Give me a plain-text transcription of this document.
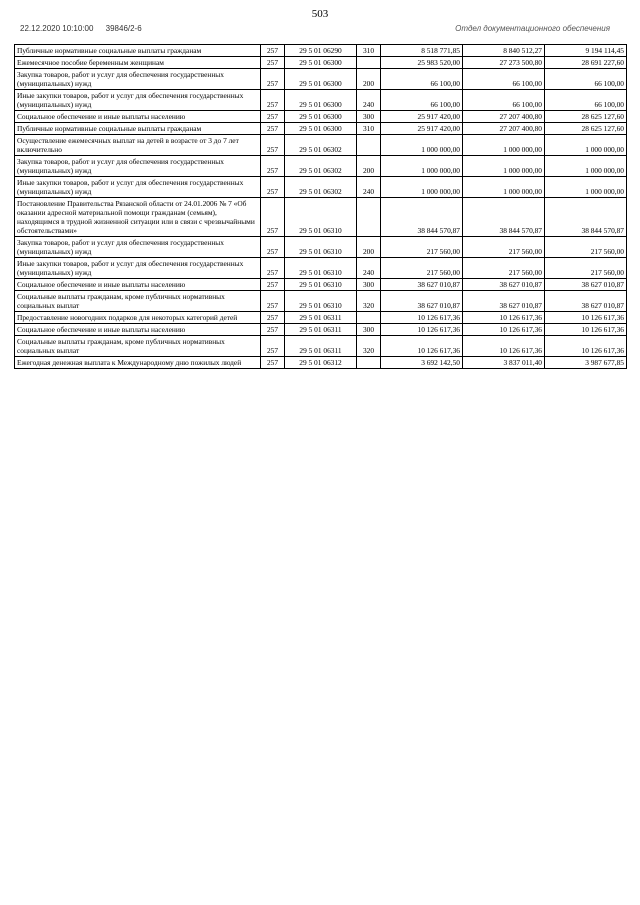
503
22.12.2020 10:10:00 39846/2-6	Отдел документационного обеспечения
Публичные нормативные социальные выплаты гражданам	257	29 5 01 06290	310	8 518 771,85	8 840 512,27	9 194 114,45
Ежемесячное пособие беременным женщинам	257	29 5 01 06300		25 983 520,00	27 273 500,80	28 691 227,60
Закупка товаров, работ и услуг для обеспечения государственных (муниципальных) нужд	257	29 5 01 06300	200	66 100,00	66 100,00	66 100,00
Иные закупки товаров, работ и услуг для обеспечения государственных (муниципальных) нужд	257	29 5 01 06300	240	66 100,00	66 100,00	66 100,00
Социальное обеспечение и иные выплаты населению	257	29 5 01 06300	300	25 917 420,00	27 207 400,80	28 625 127,60
Публичные нормативные социальные выплаты гражданам	257	29 5 01 06300	310	25 917 420,00	27 207 400,80	28 625 127,60
Осуществление ежемесячных выплат на детей в возрасте от 3 до 7 лет включительно	257	29 5 01 06302		1 000 000,00	1 000 000,00	1 000 000,00
Закупка товаров, работ и услуг для обеспечения государственных (муниципальных) нужд	257	29 5 01 06302	200	1 000 000,00	1 000 000,00	1 000 000,00
Иные закупки товаров, работ и услуг для обеспечения государственных (муниципальных) нужд	257	29 5 01 06302	240	1 000 000,00	1 000 000,00	1 000 000,00
Постановление Правительства Рязанской области от 24.01.2006 № 7 «Об оказании адресной материальной помощи гражданам (семьям), находящимся в трудной жизненной ситуации или в связи с чрезвычайными обстоятельствами»	257	29 5 01 06310		38 844 570,87	38 844 570,87	38 844 570,87
Закупка товаров, работ и услуг для обеспечения государственных (муниципальных) нужд	257	29 5 01 06310	200	217 560,00	217 560,00	217 560,00
Иные закупки товаров, работ и услуг для обеспечения государственных (муниципальных) нужд	257	29 5 01 06310	240	217 560,00	217 560,00	217 560,00
Социальное обеспечение и иные выплаты населению	257	29 5 01 06310	300	38 627 010,87	38 627 010,87	38 627 010,87
Социальные выплаты гражданам, кроме публичных нормативных социальных выплат	257	29 5 01 06310	320	38 627 010,87	38 627 010,87	38 627 010,87
Предоставление новогодних подарков для некоторых категорий детей	257	29 5 01 06311		10 126 617,36	10 126 617,36	10 126 617,36
Социальное обеспечение и иные выплаты населению	257	29 5 01 06311	300	10 126 617,36	10 126 617,36	10 126 617,36
Социальные выплаты гражданам, кроме публичных нормативных социальных выплат	257	29 5 01 06311	320	10 126 617,36	10 126 617,36	10 126 617,36
Ежегодная денежная выплата к Международному дню пожилых людей	257	29 5 01 06312		3 692 142,50	3 837 011,40	3 987 677,85
